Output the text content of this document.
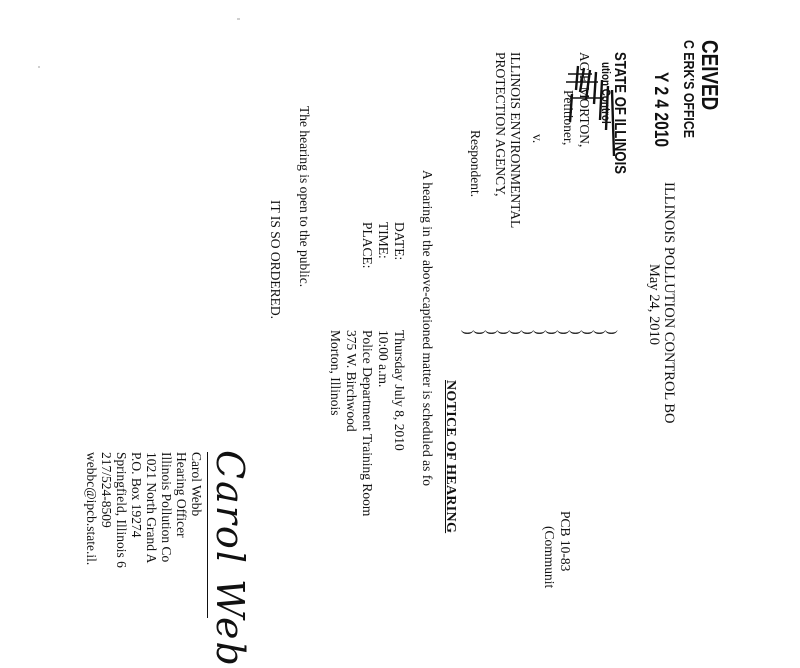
CEIVED
C ERK'S OFFICE
Y 2 4 2010
STATE OF ILLINOIS
ution Control
ILLINOIS POLLUTION CONTROL BO
May 24, 2010
AG E MORTON,
Petitioner,
v.
ILLINOIS ENVIRONMENTAL
PROTECTION AGENCY,
Respondent.
)
)
)
)
)
)
)
)
)
)
)
)
)
PCB 10-83
(Communit
NOTICE OF HEARING
A hearing in the above-captioned matter is scheduled as fo
DATE:
Thursday July 8, 2010
TIME:
10:00 a.m.
PLACE:
Police Department Training Room
375 W. Birchwood
Morton, Illinois
The hearing is open to the public.
IT IS SO ORDERED.
Carol Web
Carol Webb
Hearing Officer
Illinois Pollution Co
1021 North Grand A
P.O. Box 19274
Springfield, Illinois 6
217/524-8509
webbc@ipcb.state.il.
